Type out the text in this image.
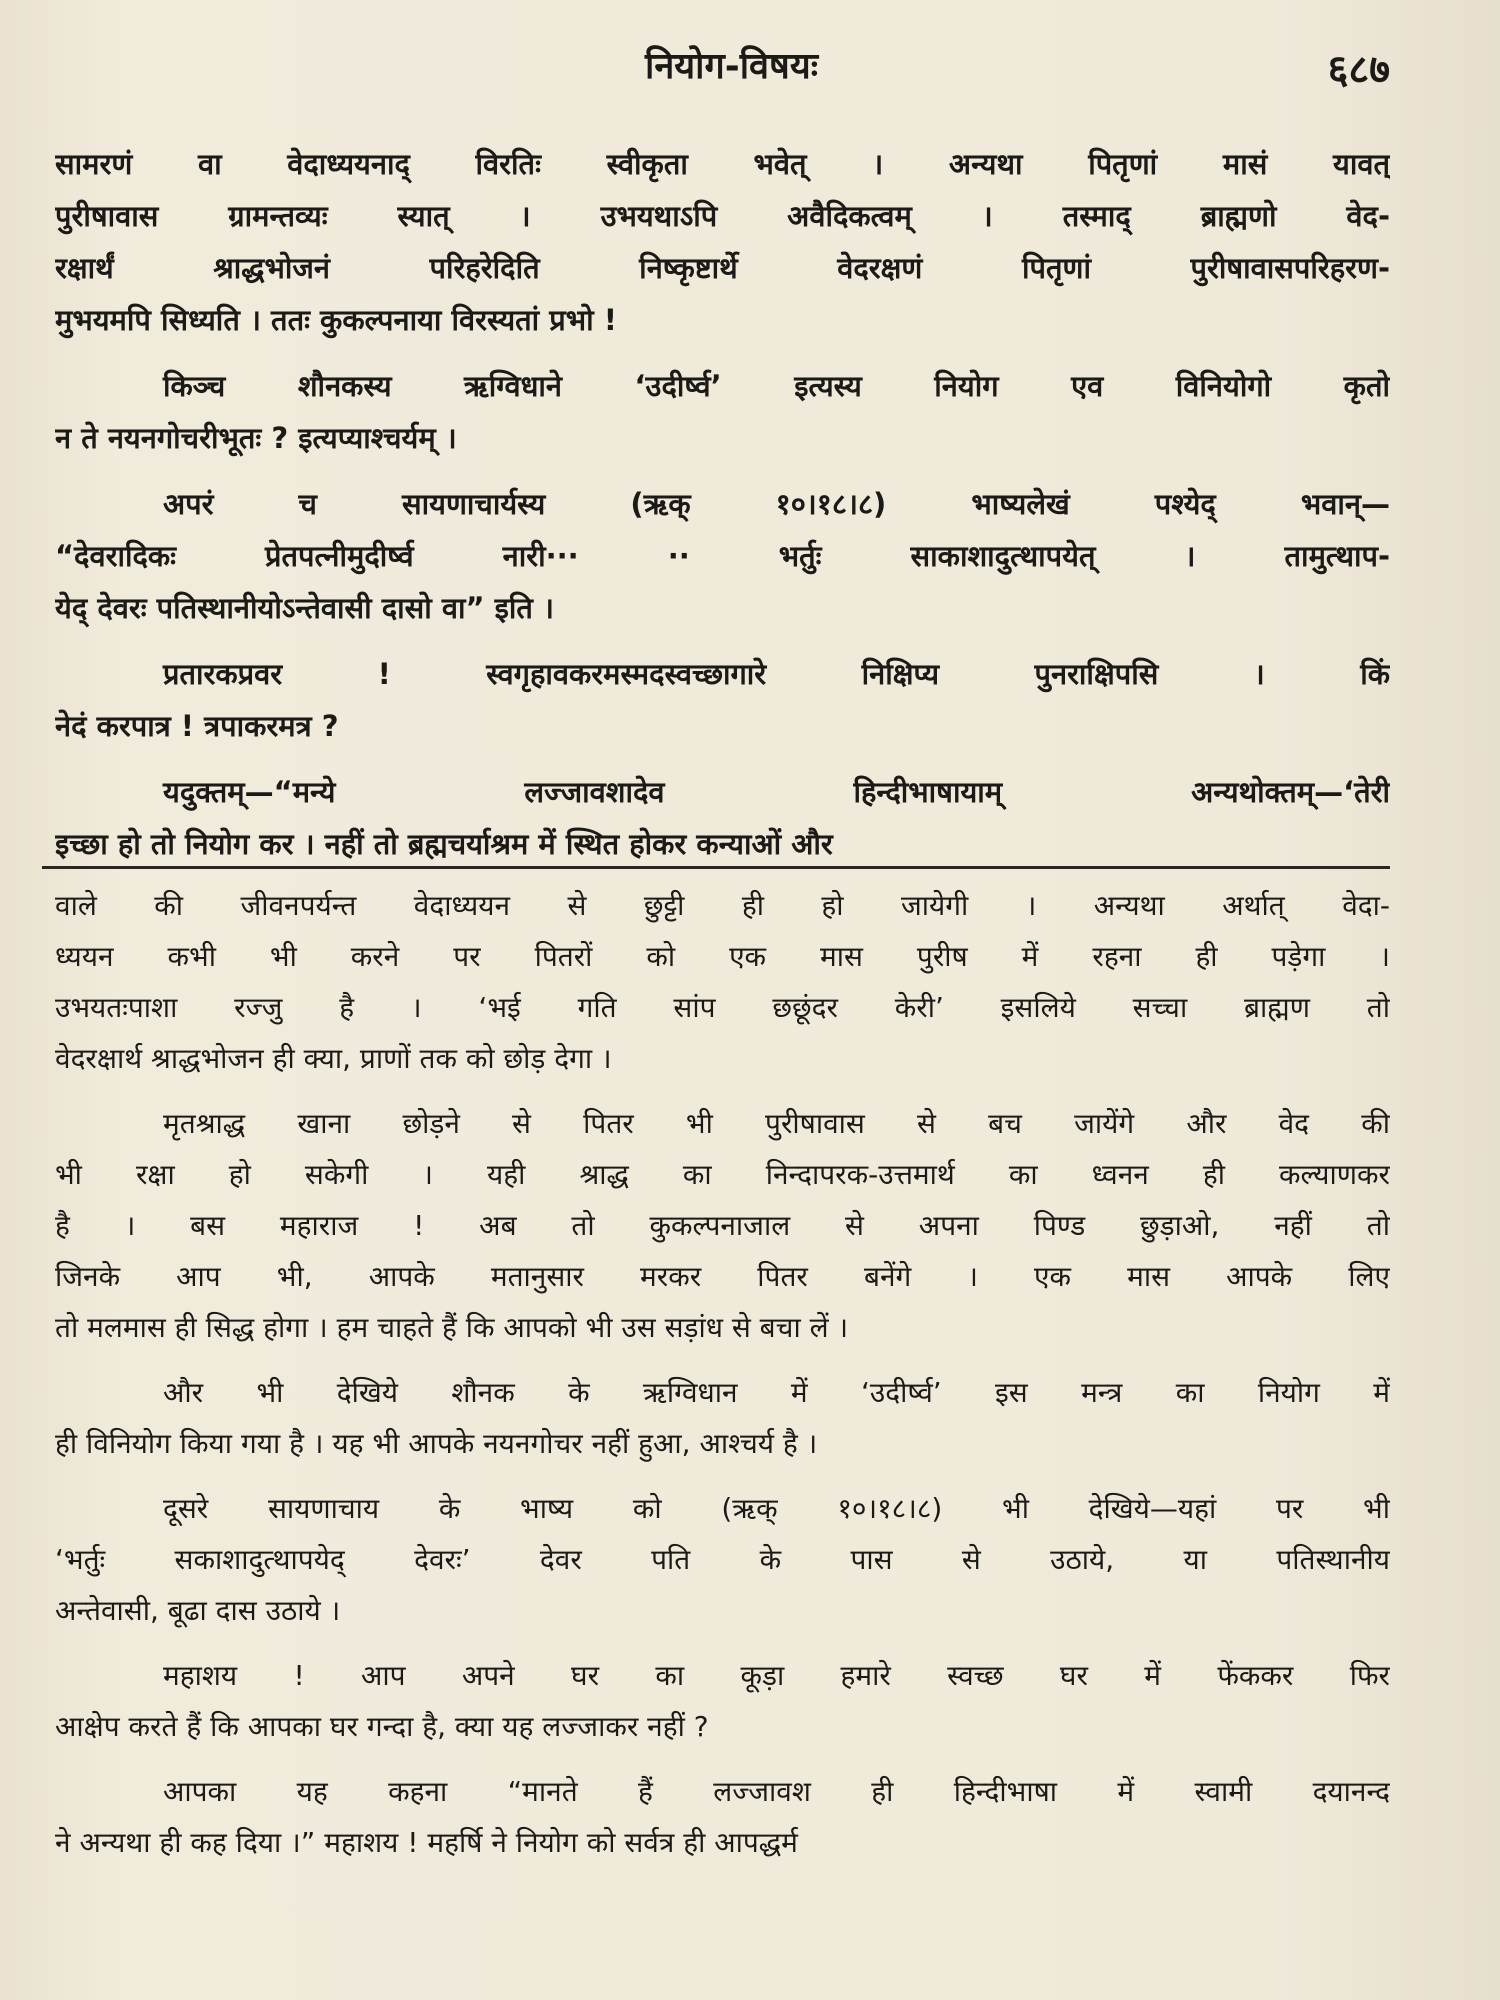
नियोग-विषयः	६८७
सामरणं वा वेदाध्ययनाद् विरतिः स्वीकृता भवेत् । अन्यथा पितृणां मासं यावत्
पुरीषावास ग्रामन्तव्यः स्यात् । उभयथाऽपि अवैदिकत्वम् । तस्माद् ब्राह्मणो वेद-
रक्षार्थं श्राद्धभोजनं परिहरेदिति निष्कृष्टार्थे वेदरक्षणं पितृणां पुरीषावासपरिहरण-
मुभयमपि सिध्यति । ततः कुकल्पनाया विरस्यतां प्रभो !
किञ्च शौनकस्य ऋग्विधाने ‘उदीर्ष्व’ इत्यस्य नियोग एव विनियोगो कृतो
न ते नयनगोचरीभूतः ? इत्यप्याश्चर्यम् ।
अपरं च सायणाचार्यस्य (ऋक् १०।१८।८) भाष्यलेखं पश्येद् भवान्—
“देवरादिकः प्रेतपत्नीमुदीर्ष्व नारी··· ·· भर्तुः साकाशादुत्थापयेत् । तामुत्थाप-
येद् देवरः पतिस्थानीयोऽन्तेवासी दासो वा” इति ।
प्रतारकप्रवर ! स्वगृहावकरमस्मदस्वच्छागारे निक्षिप्य पुनराक्षिपसि । किं
नेदं करपात्र ! त्रपाकरमत्र ?
यदुक्तम्—“मन्ये लज्जावशादेव हिन्दीभाषायाम् अन्यथोक्तम्—‘तेरी
इच्छा हो तो नियोग कर । नहीं तो ब्रह्मचर्याश्रम में स्थित होकर कन्याओं और
वाले की जीवनपर्यन्त वेदाध्ययन से छुट्टी ही हो जायेगी । अन्यथा अर्थात् वेदा-
ध्ययन कभी भी करने पर पितरों को एक मास पुरीष में रहना ही पड़ेगा ।
उभयतःपाशा रज्जु है । ‘भई गति सांप छछूंदर केरी’ इसलिये सच्चा ब्राह्मण तो
वेदरक्षार्थ श्राद्धभोजन ही क्या, प्राणों तक को छोड़ देगा ।
मृतश्राद्ध खाना छोड़ने से पितर भी पुरीषावास से बच जायेंगे और वेद की
भी रक्षा हो सकेगी । यही श्राद्ध का निन्दापरक-उत्तमार्थ का ध्वनन ही कल्याणकर
है । बस महाराज ! अब तो कुकल्पनाजाल से अपना पिण्ड छुड़ाओ, नहीं तो
जिनके आप भी, आपके मतानुसार मरकर पितर बनेंगे । एक मास आपके लिए
तो मलमास ही सिद्ध होगा । हम चाहते हैं कि आपको भी उस सड़ांध से बचा लें ।
और भी देखिये शौनक के ऋग्विधान में ‘उदीर्ष्व’ इस मन्त्र का नियोग में
ही विनियोग किया गया है । यह भी आपके नयनगोचर नहीं हुआ, आश्चर्य है ।
दूसरे सायणाचाय के भाष्य को (ऋक् १०।१८।८) भी देखिये—यहां पर भी
‘भर्तुः सकाशादुत्थापयेद् देवरः’ देवर पति के पास से उठाये, या पतिस्थानीय
अन्तेवासी, बूढा दास उठाये ।
महाशय ! आप अपने घर का कूड़ा हमारे स्वच्छ घर में फेंककर फिर
आक्षेप करते हैं कि आपका घर गन्दा है, क्या यह लज्जाकर नहीं ?
आपका यह कहना “मानते हैं लज्जावश ही हिन्दीभाषा में स्वामी दयानन्द
ने अन्यथा ही कह दिया ।” महाशय ! महर्षि ने नियोग को सर्वत्र ही आपद्धर्म
